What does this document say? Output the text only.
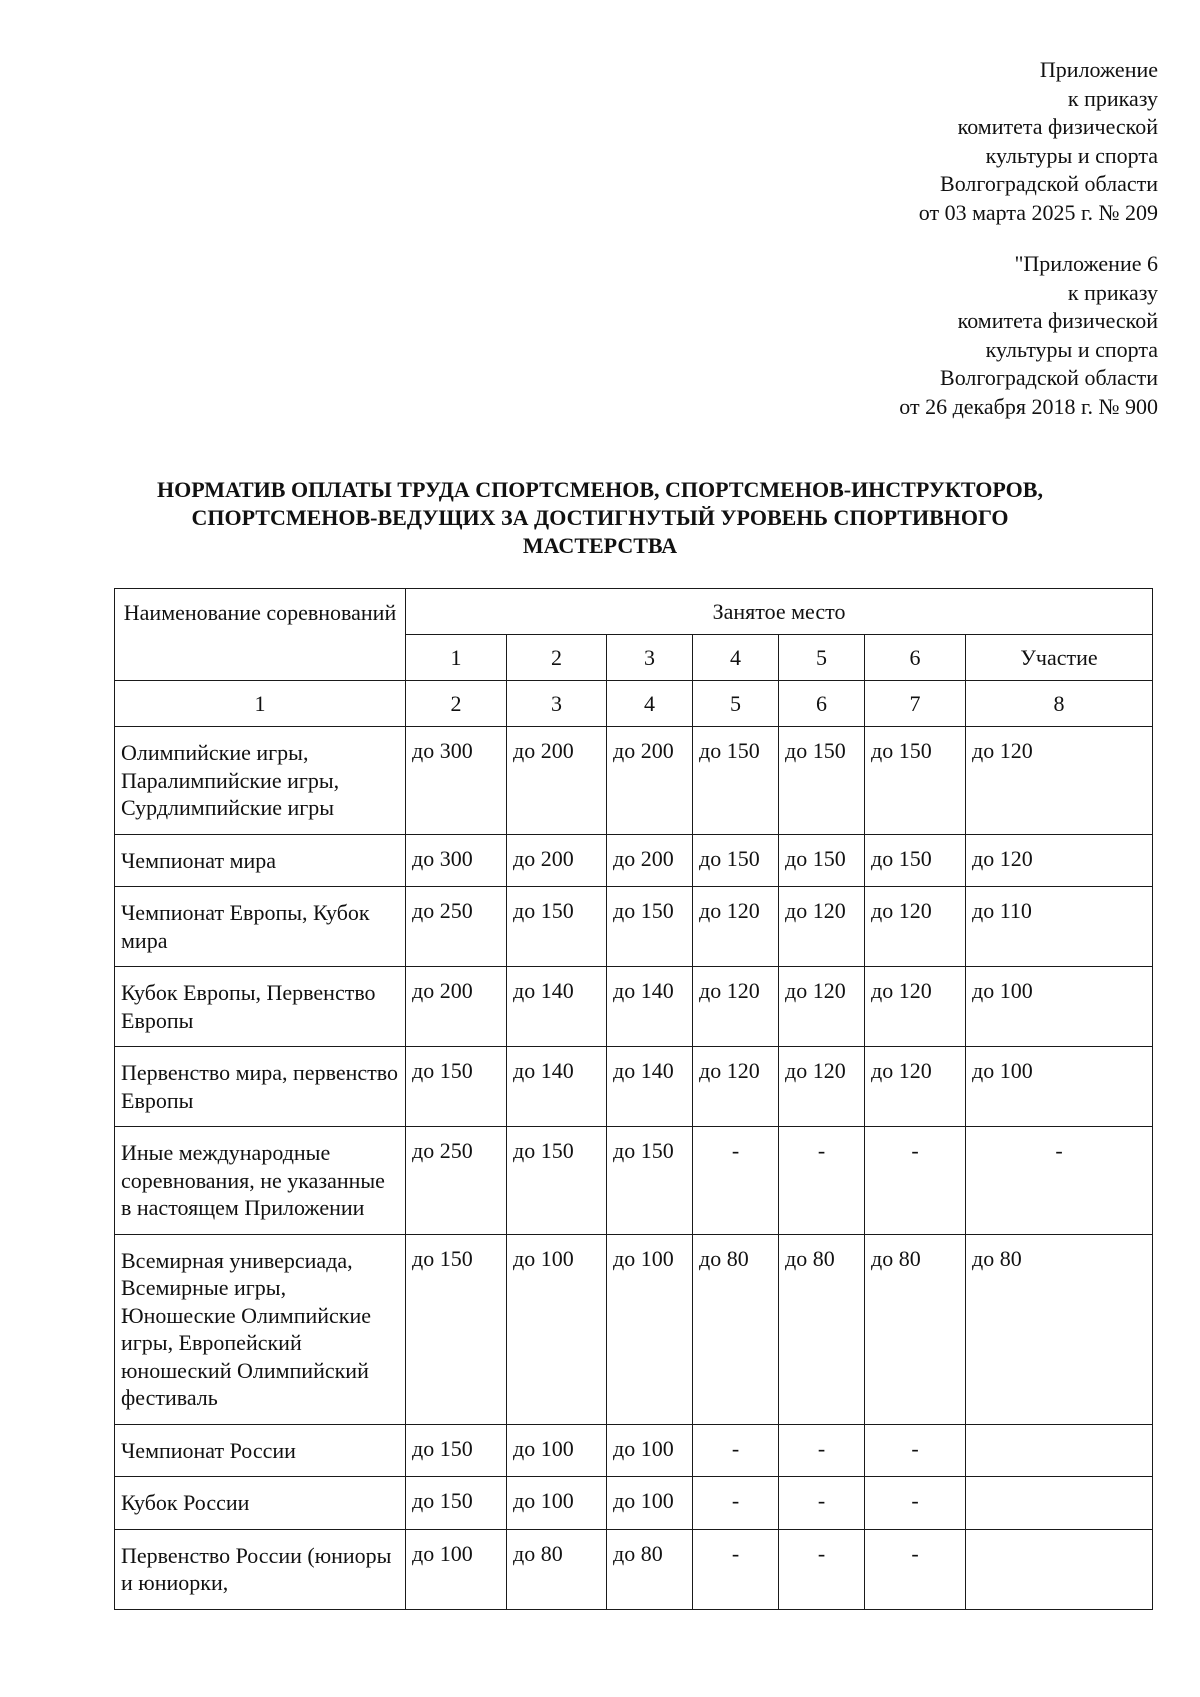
Приложение
к приказу
комитета физической
культуры и спорта
Волгоградской области
от 03 марта 2025 г. № 209
"Приложение 6
к приказу
комитета физической
культуры и спорта
Волгоградской области
от 26 декабря 2018 г. № 900
НОРМАТИВ ОПЛАТЫ ТРУДА СПОРТСМЕНОВ, СПОРТСМЕНОВ-ИНСТРУКТОРОВ,
СПОРТСМЕНОВ-ВЕДУЩИХ ЗА ДОСТИГНУТЫЙ УРОВЕНЬ СПОРТИВНОГО
МАСТЕРСТВА
Наименование соревнований	Занятое место						
	1	2	3	4	5	6	Участие
1	2	3	4	5	6	7	8
Олимпийские игры, Паралимпийские игры, Сурдлимпийские игры	до 300	до 200	до 200	до 150	до 150	до 150	до 120
Чемпионат мира	до 300	до 200	до 200	до 150	до 150	до 150	до 120
Чемпионат Европы, Кубок мира	до 250	до 150	до 150	до 120	до 120	до 120	до 110
Кубок Европы, Первенство Европы	до 200	до 140	до 140	до 120	до 120	до 120	до 100
Первенство мира, первенство Европы	до 150	до 140	до 140	до 120	до 120	до 120	до 100
Иные международные соревнования, не указанные в настоящем Приложении	до 250	до 150	до 150	-	-	-	-
Всемирная универсиада, Всемирные игры, Юношеские Олимпийские игры, Европейский юношеский Олимпийский фестиваль	до 150	до 100	до 100	до 80	до 80	до 80	до 80
Чемпионат России	до 150	до 100	до 100	-	-	-	
Кубок России	до 150	до 100	до 100	-	-	-	
Первенство России (юниоры и юниорки,	до 100	до 80	до 80	-	-	-	
